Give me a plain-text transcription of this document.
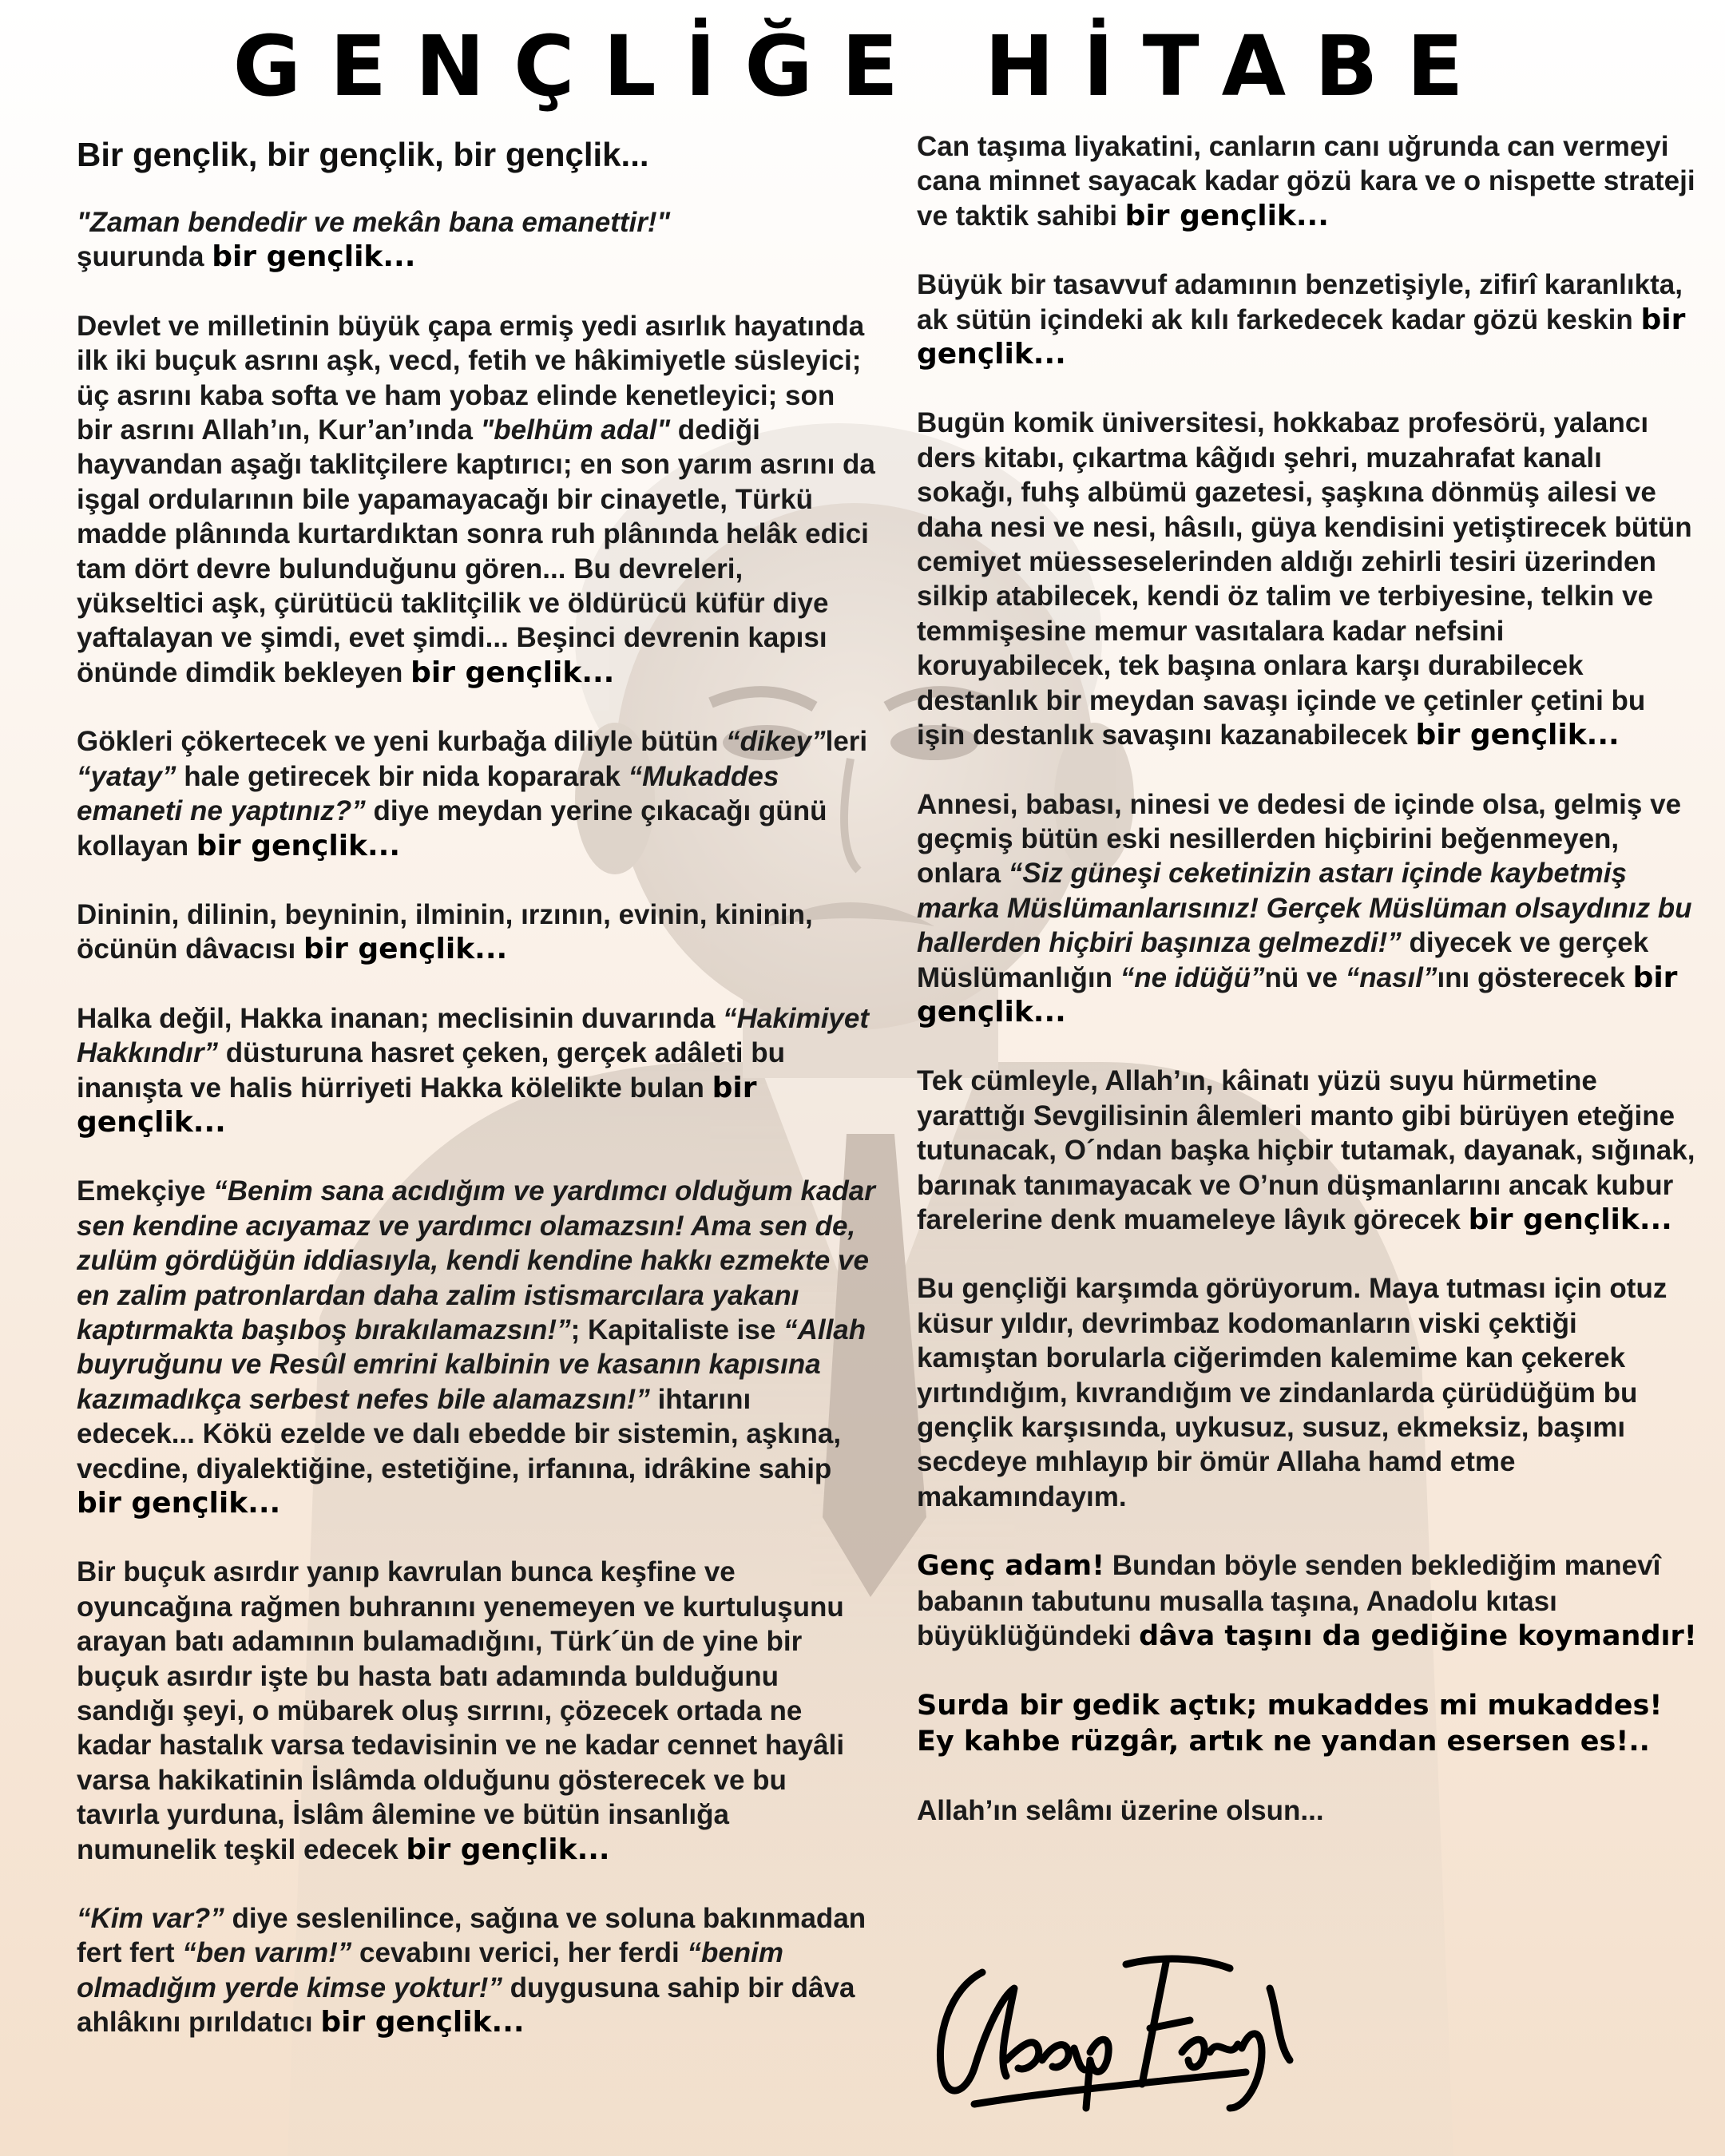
GENÇLİĞE HİTABE
Bir gençlik, bir gençlik, bir gençlik...
"Zaman bendedir ve mekân bana emanettir!"
şuurunda bir gençlik...
Devlet ve milletinin büyük çapa ermiş yedi asırlık hayatında ilk iki buçuk asrını aşk, vecd, fetih ve hâkimiyetle süsleyici; üç asrını kaba softa ve ham yobaz elinde kenetleyici; son bir asrını Allah’ın, Kur’an’ında "belhüm adal" dediği hayvandan aşağı taklitçilere kaptırıcı; en son yarım asrını da işgal ordularının bile yapamayacağı bir cinayetle, Türkü madde plânında kurtardıktan sonra ruh plânında helâk edici tam dört devre bulunduğunu gören... Bu devreleri, yükseltici aşk, çürütücü taklitçilik ve öldürücü küfür diye yaftalayan ve şimdi, evet şimdi... Beşinci devrenin kapısı önünde dimdik bekleyen bir gençlik...
Gökleri çökertecek ve yeni kurbağa diliyle bütün “dikey”leri “yatay” hale getirecek bir nida kopararak “Mukaddes emaneti ne yaptınız?” diye meydan yerine çıkacağı günü kollayan bir gençlik...
Dininin, dilinin, beyninin, ilminin, ırzının, evinin, kininin, öcünün dâvacısı bir gençlik...
Halka değil, Hakka inanan; meclisinin duvarında “Hakimiyet Hakkındır” düsturuna hasret çeken, gerçek adâleti bu inanışta ve halis hürriyeti Hakka kölelikte bulan bir gençlik...
Emekçiye “Benim sana acıdığım ve yardımcı olduğum kadar sen kendine acıyamaz ve yardımcı olamazsın! Ama sen de, zulüm gördüğün iddiasıyla, kendi kendine hakkı ezmekte ve en zalim patronlardan daha zalim istismarcılara yakanı kaptırmakta başıboş bırakılamazsın!”; Kapitaliste ise “Allah buyruğunu ve Resûl emrini kalbinin ve kasanın kapısına kazımadıkça serbest nefes bile alamazsın!” ihtarını edecek... Kökü ezelde ve dalı ebedde bir sistemin, aşkına, vecdine, diyalektiğine, estetiğine, irfanına, idrâkine sahip bir gençlik...
Bir buçuk asırdır yanıp kavrulan bunca keşfine ve oyuncağına rağmen buhranını yenemeyen ve kurtuluşunu arayan batı adamının bulamadığını, Türk´ün de yine bir buçuk asırdır işte bu hasta batı adamında bulduğunu sandığı şeyi, o mübarek oluş sırrını, çözecek ortada ne kadar hastalık varsa tedavisinin ve ne kadar cennet hayâli varsa hakikatinin İslâmda olduğunu gösterecek ve bu tavırla yurduna, İslâm âlemine ve bütün insanlığa numunelik teşkil edecek bir gençlik...
“Kim var?” diye seslenilince, sağına ve soluna bakınmadan fert fert “ben varım!” cevabını verici, her ferdi “benim olmadığım yerde kimse yoktur!” duygusuna sahip bir dâva ahlâkını pırıldatıcı bir gençlik...
Can taşıma liyakatini, canların canı uğrunda can vermeyi cana minnet sayacak kadar gözü kara ve o nispette strateji ve taktik sahibi bir gençlik...
Büyük bir tasavvuf adamının benzetişiyle, zifirî karanlıkta, ak sütün içindeki ak kılı farkedecek kadar gözü keskin bir gençlik...
Bugün komik üniversitesi, hokkabaz profesörü, yalancı ders kitabı, çıkartma kâğıdı şehri, muzahrafat kanalı sokağı, fuhş albümü gazetesi, şaşkına dönmüş ailesi ve daha nesi ve nesi, hâsılı, güya kendisini yetiştirecek bütün cemiyet müesseselerinden aldığı zehirli tesiri üzerinden silkip atabilecek, kendi öz talim ve terbiyesine, telkin ve temmişesine memur vasıtalara kadar nefsini koruyabilecek, tek başına onlara karşı durabilecek destanlık bir meydan savaşı içinde ve çetinler çetini bu işin destanlık savaşını kazanabilecek bir gençlik...
Annesi, babası, ninesi ve dedesi de içinde olsa, gelmiş ve geçmiş bütün eski nesillerden hiçbirini beğenmeyen, onlara “Siz güneşi ceketinizin astarı içinde kaybetmiş marka Müslümanlarısınız! Gerçek Müslüman olsaydınız bu hallerden hiçbiri başınıza gelmezdi!” diyecek ve gerçek Müslümanlığın “ne idüğü”nü ve “nasıl”ını gösterecek bir gençlik...
Tek cümleyle, Allah’ın, kâinatı yüzü suyu hürmetine yarattığı Sevgilisinin âlemleri manto gibi bürüyen eteğine tutunacak, O´ndan başka hiçbir tutamak, dayanak, sığınak, barınak tanımayacak ve O’nun düşmanlarını ancak kubur farelerine denk muameleye lâyık görecek bir gençlik...
Bu gençliği karşımda görüyorum. Maya tutması için otuz küsur yıldır, devrimbaz kodomanların viski çektiği kamıştan borularla ciğerimden kalemime kan çekerek yırtındığım, kıvrandığım ve zindanlarda çürüdüğüm bu gençlik karşısında, uykusuz, susuz, ekmeksiz, başımı secdeye mıhlayıp bir ömür Allaha hamd etme makamındayım.
Genç adam! Bundan böyle senden beklediğim manevî babanın tabutunu musalla taşına, Anadolu kıtası büyüklüğündeki dâva taşını da gediğine koymandır!
Surda bir gedik açtık; mukaddes mi mukaddes!
Ey kahbe rüzgâr, artık ne yandan esersen es!..
Allah’ın selâmı üzerine olsun...
